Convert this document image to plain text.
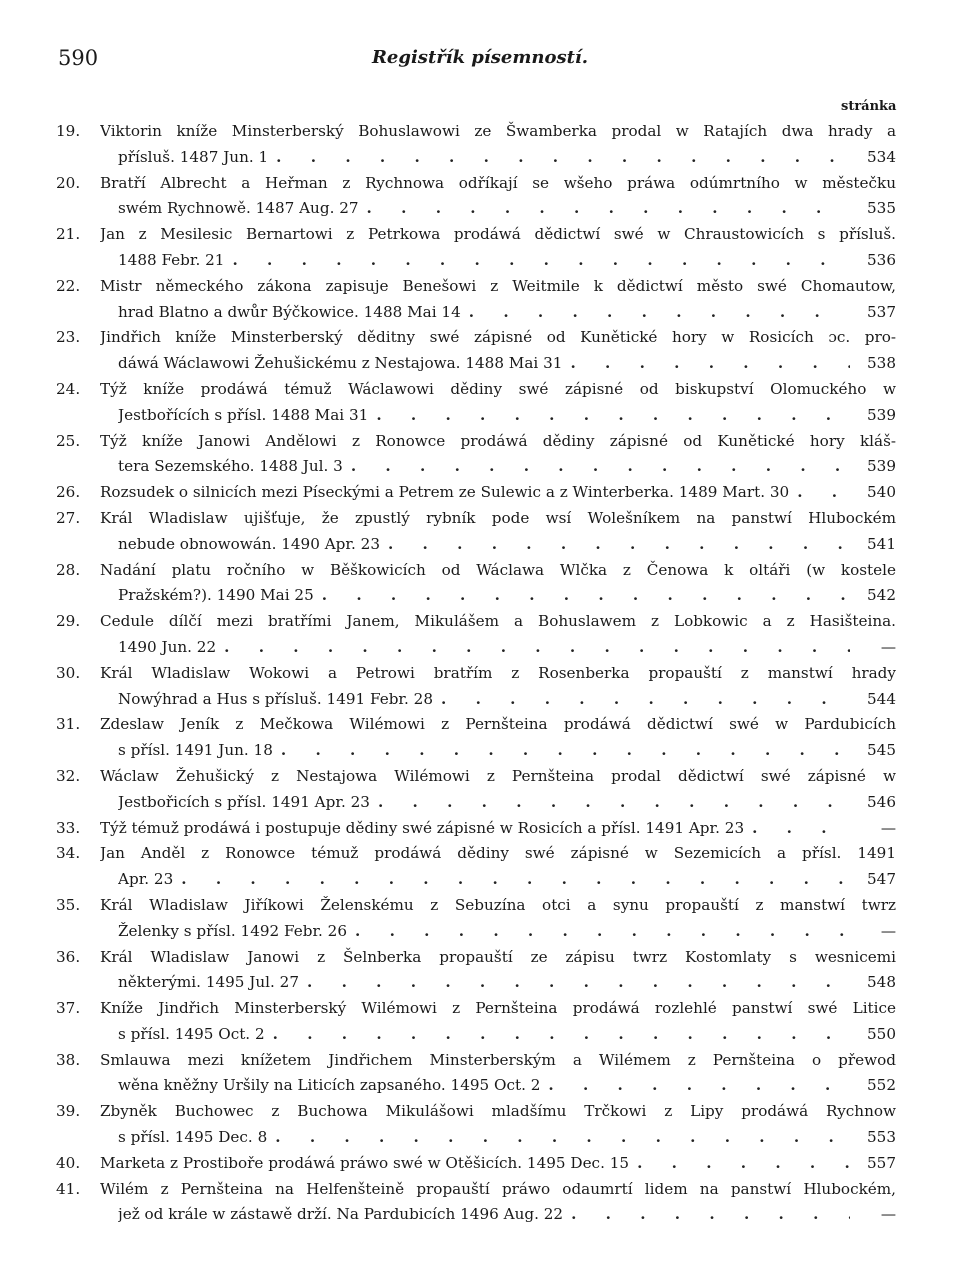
590	Registřík písemností.
stránka
19.	Viktorin kníže Minsterberský Bohuslawowi ze Šwamberka prodal w Ratajích dwa hrady a
přísluš. 1487 Jun. 1 . . .	534
20.	Bratří Albrecht a Heřman z Rychnowa odříkají se wšeho práwa odúmrtního w městečku
swém Rychnowě. 1487 Aug. 27 . . .	535
21.	Jan z Mesilesic Bernartowi z Petrkowa prodáwá dědictwí swé w Chraustowicích s přísluš.
1488 Febr. 21 . . .	536
22.	Mistr německého zákona zapisuje Benešowi z Weitmile k dědictwí město swé Chomautow,
hrad Blatno a dwůr Býčkowice. 1488 Mai 14 . . .	537
23.	Jindřich kníže Minsterberský děditny swé zápisné od Kunětické hory w Rosicích ɔc. pro-
dáwá Wáclawowi Žehušickému z Nestajowa. 1488 Mai 31 . . .	538
24.	Týž kníže prodáwá témuž Wáclawowi dědiny swé zápisné od biskupství Olomuckého w
Jestbořících s přísl. 1488 Mai 31 . . .	539
25.	Týž kníže Janowi Andělowi z Ronowce prodáwá dědiny zápisné od Kunětické hory kláš-
tera Sezemského. 1488 Jul. 3 . . .	539
26.	Rozsudek o silnicích mezi Píseckými a Petrem ze Sulewic a z Winterberka. 1489 Mart. 30 . . .	540
27.	Král Wladislaw ujišťuje, že zpustlý rybník pode wsí Wolešníkem na panstwí Hlubockém
nebude obnowowán. 1490 Apr. 23 . . .	541
28.	Nadání platu ročního w Běškowicích od Wáclawa Wlčka z Čenowa k oltáři (w kostele
Pražském?). 1490 Mai 25 . . .	542
29.	Cedule dílčí mezi bratřími Janem, Mikulášem a Bohuslawem z Lobkowic a z Hasišteina.
1490 Jun. 22 . . .	—
30.	Král Wladislaw Wokowi a Petrowi bratřím z Rosenberka propauští z manstwí hrady
Nowýhrad a Hus s přísluš. 1491 Febr. 28 . . .	544
31.	Zdeslaw Jeník z Mečkowa Wilémowi z Pernšteina prodáwá dědictwí swé w Pardubicích
s přísl. 1491 Jun. 18 . . .	545
32.	Wáclaw Žehušický z Nestajowa Wilémowi z Pernšteina prodal dědictwí swé zápisné w
Jestbořicích s přísl. 1491 Apr. 23 . . .	546
33.	Týž témuž prodáwá i postupuje dědiny swé zápisné w Rosicích a přísl. 1491 Apr. 23 . . .	—
34.	Jan Anděl z Ronowce témuž prodáwá dědiny swé zápisné w Sezemicích a přísl. 1491
Apr. 23 . . .	547
35.	Král Wladislaw Jiříkowi Želenskému z Sebuzína otci a synu propauští z manstwí twrz
Želenky s přísl. 1492 Febr. 26 . . .	—
36.	Král Wladislaw Janowi z Šelnberka propauští ze zápisu twrz Kostomlaty s wesnicemi
některými. 1495 Jul. 27 . . .	548
37.	Kníže Jindřich Minsterberský Wilémowi z Pernšteina prodáwá rozlehlé panstwí swé Litice
s přísl. 1495 Oct. 2 . . .	550
38.	Smlauwa mezi knížetem Jindřichem Minsterberským a Wilémem z Pernšteina o přewod
wěna kněžny Uršily na Liticích zapsaného. 1495 Oct. 2 . . .	552
39.	Zbyněk Buchowec z Buchowa Mikulášowi mladšímu Trčkowi z Lipy prodáwá Rychnow
s přísl. 1495 Dec. 8 . . .	553
40.	Marketa z Prostiboře prodáwá práwo swé w Otěšicích. 1495 Dec. 15 . . .	557
41.	Wilém z Pernšteina na Helfenšteině propauští práwo odaumrtí lidem na panstwí Hlubockém,
jež od krále w zástawě drží. Na Pardubicích 1496 Aug. 22 . . .	—
